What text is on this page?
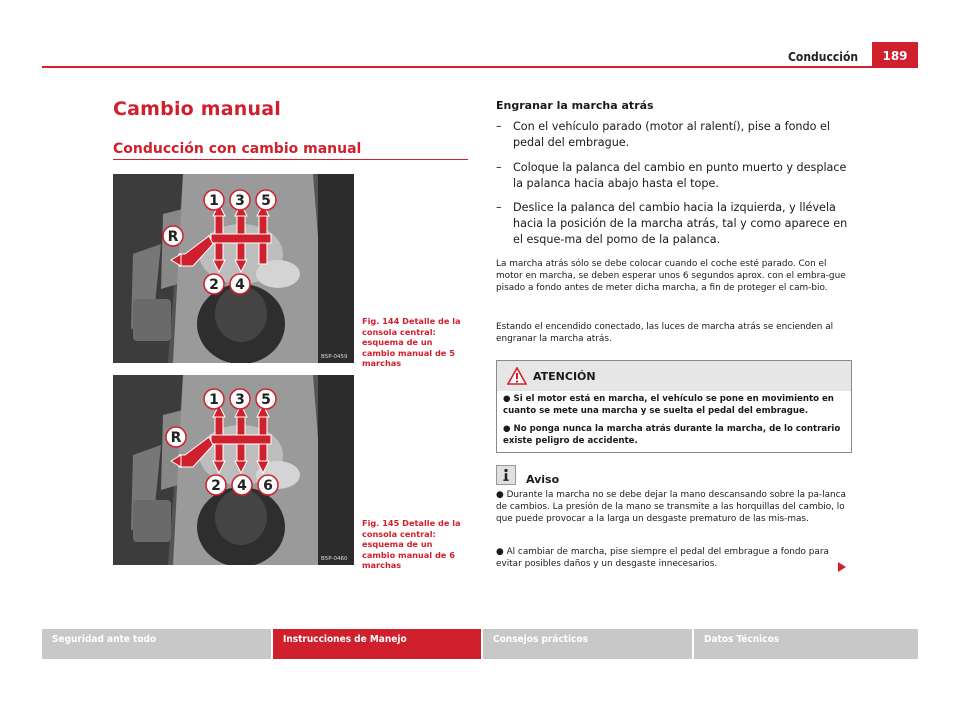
Conducción	189
Cambio manual
Conducción con cambio manual
1 3 5
2 4
R
B5P-0459
Fig. 144 Detalle de la consola central: esquema de un cambio manual de 5 marchas
1 3 5
2 4 6
R
B5P-0460
Fig. 145 Detalle de la consola central: esquema de un cambio manual de 6 marchas
Engranar la marcha atrás
–	Con el vehículo parado (motor al ralentí), pise a fondo el pedal del embrague.
–	Coloque la palanca del cambio en punto muerto y desplace la palanca hacia abajo hasta el tope.
–	Deslice la palanca del cambio hacia la izquierda, y llévela hacia la posición de la marcha atrás, tal y como aparece en el esque-ma del pomo de la palanca.
La marcha atrás sólo se debe colocar cuando el coche esté parado. Con el motor en marcha, se deben esperar unos 6 segundos aprox. con el embra-gue pisado a fondo antes de meter dicha marcha, a fin de proteger el cam-bio.
Estando el encendido conectado, las luces de marcha atrás se encienden al engranar la marcha atrás.
ATENCIÓN
● Si el motor está en marcha, el vehículo se pone en movimiento en cuanto se mete una marcha y se suelta el pedal del embrague.
● No ponga nunca la marcha atrás durante la marcha, de lo contrario existe peligro de accidente.
Aviso
● Durante la marcha no se debe dejar la mano descansando sobre la pa-lanca de cambios. La presión de la mano se transmite a las horquillas del cambio, lo que puede provocar a la larga un desgaste prematuro de las mis-mas.
● Al cambiar de marcha, pise siempre el pedal del embrague a fondo para evitar posibles daños y un desgaste innecesarios.
Seguridad ante todo	Instrucciones de Manejo	Consejos prácticos	Datos Técnicos
